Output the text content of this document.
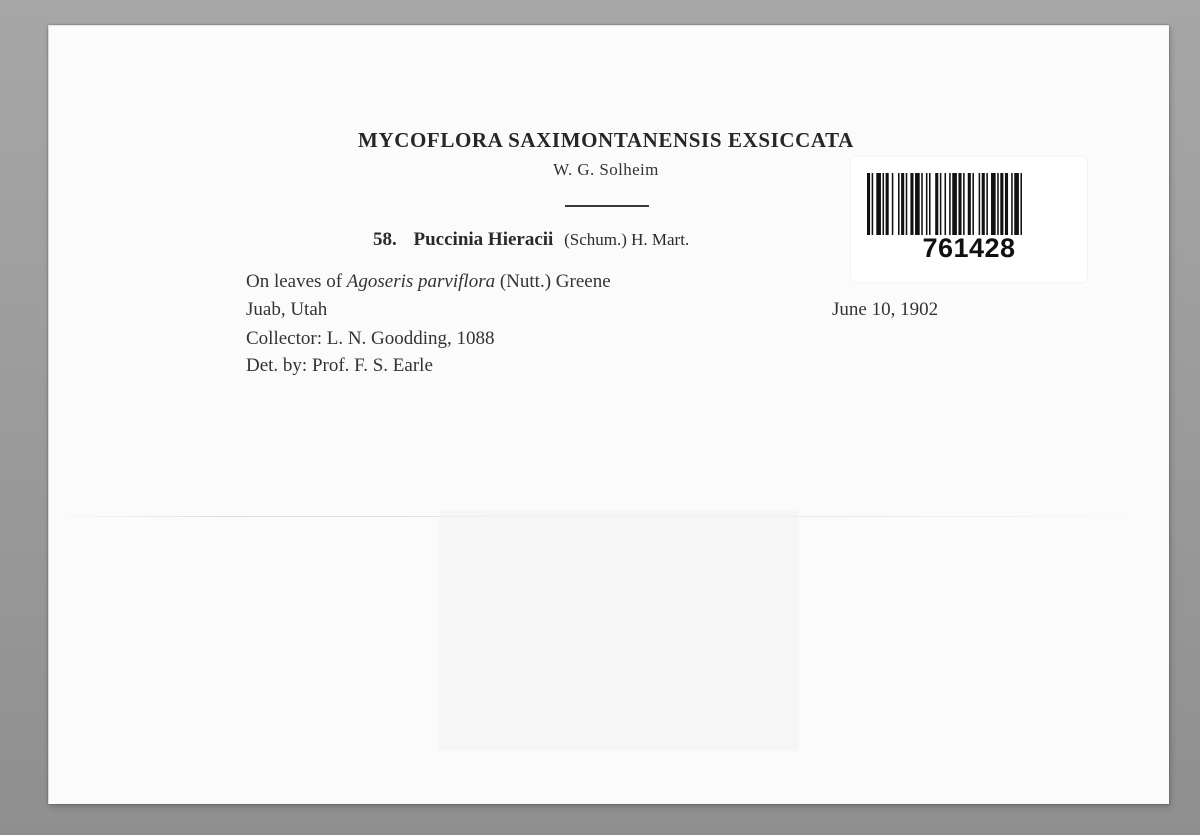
MYCOFLORA SAXIMONTANENSIS EXSICCATA
W. G. Solheim
58. Puccinia Hieracii (Schum.) H. Mart.
On leaves of Agoseris parviflora (Nutt.) Greene
Juab, Utah	June 10, 1902
Collector: L. N. Goodding, 1088
Det. by: Prof. F. S. Earle
761428
